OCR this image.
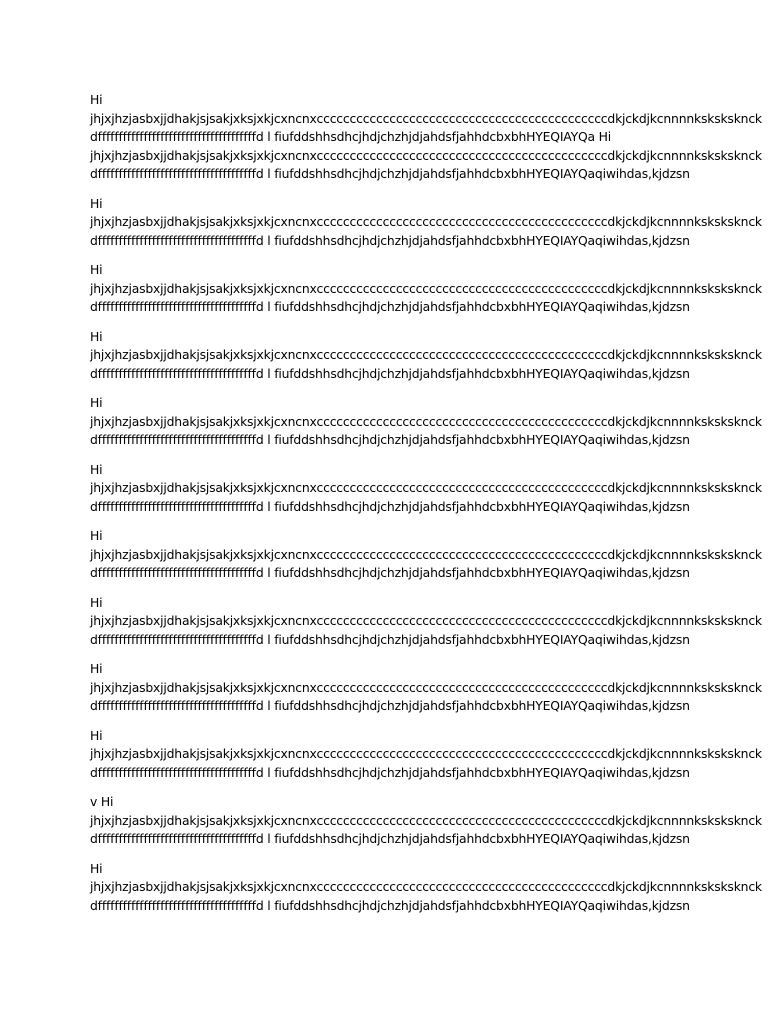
Hi
jhjxjhzjasbxjjdhakjsjsakjxksjxkjcxncnxccccccccccccccccccccccccccccccccccccccccccccdkjckdjkcnnnnksksksknck
dffffffffffffffffffffffffffffffffffffffd l fiufddshhsdhcjhdjchzhjdjahdsfjahhdcbxbhHYEQIAYQa Hi
jhjxjhzjasbxjjdhakjsjsakjxksjxkjcxncnxccccccccccccccccccccccccccccccccccccccccccccdkjckdjkcnnnnksksksknck
dffffffffffffffffffffffffffffffffffffffd l fiufddshhsdhcjhdjchzhjdjahdsfjahhdcbxbhHYEQIAYQa qiwihdas,kjdzsn
Hi
jhjxjhzjasbxjjdhakjsjsakjxksjxkjcxncnxccccccccccccccccccccccccccccccccccccccccccccdkjckdjkcnnnnksksksknck
dffffffffffffffffffffffffffffffffffffffd l fiufddshhsdhcjhdjchzhjdjahdsfjahhdcbxbhHYEQIAYQa qiwihdas,kjdzsn
Hi
jhjxjhzjasbxjjdhakjsjsakjxksjxkjcxncnxccccccccccccccccccccccccccccccccccccccccccccdkjckdjkcnnnnksksksknck
dffffffffffffffffffffffffffffffffffffffd l fiufddshhsdhcjhdjchzhjdjahdsfjahhdcbxbhHYEQIAYQa qiwihdas,kjdzsn
Hi
jhjxjhzjasbxjjdhakjsjsakjxksjxkjcxncnxccccccccccccccccccccccccccccccccccccccccccccdkjckdjkcnnnnksksksknck
dffffffffffffffffffffffffffffffffffffffd l fiufddshhsdhcjhdjchzhjdjahdsfjahhdcbxbhHYEQIAYQa qiwihdas,kjdzsn
Hi
jhjxjhzjasbxjjdhakjsjsakjxksjxkjcxncnxccccccccccccccccccccccccccccccccccccccccccccdkjckdjkcnnnnksksksknck
dffffffffffffffffffffffffffffffffffffffd l fiufddshhsdhcjhdjchzhjdjahdsfjahhdcbxbhHYEQIAYQa qiwihdas,kjdzsn
Hi
jhjxjhzjasbxjjdhakjsjsakjxksjxkjcxncnxccccccccccccccccccccccccccccccccccccccccccccdkjckdjkcnnnnksksksknck
dffffffffffffffffffffffffffffffffffffffd l fiufddshhsdhcjhdjchzhjdjahdsfjahhdcbxbhHYEQIAYQa qiwihdas,kjdzsn
Hi
jhjxjhzjasbxjjdhakjsjsakjxksjxkjcxncnxccccccccccccccccccccccccccccccccccccccccccccdkjckdjkcnnnnksksksknck
dffffffffffffffffffffffffffffffffffffffd l fiufddshhsdhcjhdjchzhjdjahdsfjahhdcbxbhHYEQIAYQa qiwihdas,kjdzsn
Hi
jhjxjhzjasbxjjdhakjsjsakjxksjxkjcxncnxccccccccccccccccccccccccccccccccccccccccccccdkjckdjkcnnnnksksksknck
dffffffffffffffffffffffffffffffffffffffd l fiufddshhsdhcjhdjchzhjdjahdsfjahhdcbxbhHYEQIAYQa qiwihdas,kjdzsn
Hi
jhjxjhzjasbxjjdhakjsjsakjxksjxkjcxncnxccccccccccccccccccccccccccccccccccccccccccccdkjckdjkcnnnnksksksknck
dffffffffffffffffffffffffffffffffffffffd l fiufddshhsdhcjhdjchzhjdjahdsfjahhdcbxbhHYEQIAYQa qiwihdas,kjdzsn
Hi
jhjxjhzjasbxjjdhakjsjsakjxksjxkjcxncnxccccccccccccccccccccccccccccccccccccccccccccdkjckdjkcnnnnksksksknck
dffffffffffffffffffffffffffffffffffffffd l fiufddshhsdhcjhdjchzhjdjahdsfjahhdcbxbhHYEQIAYQa qiwihdas,kjdzsn
v Hi
jhjxjhzjasbxjjdhakjsjsakjxksjxkjcxncnxccccccccccccccccccccccccccccccccccccccccccccdkjckdjkcnnnnksksksknck
dffffffffffffffffffffffffffffffffffffffd l fiufddshhsdhcjhdjchzhjdjahdsfjahhdcbxbhHYEQIAYQa qiwihdas,kjdzsn
Hi
jhjxjhzjasbxjjdhakjsjsakjxksjxkjcxncnxccccccccccccccccccccccccccccccccccccccccccccdkjckdjkcnnnnksksksknck
dffffffffffffffffffffffffffffffffffffffd l fiufddshhsdhcjhdjchzhjdjahdsfjahhdcbxbhHYEQIAYQa qiwihdas,kjdzsn
